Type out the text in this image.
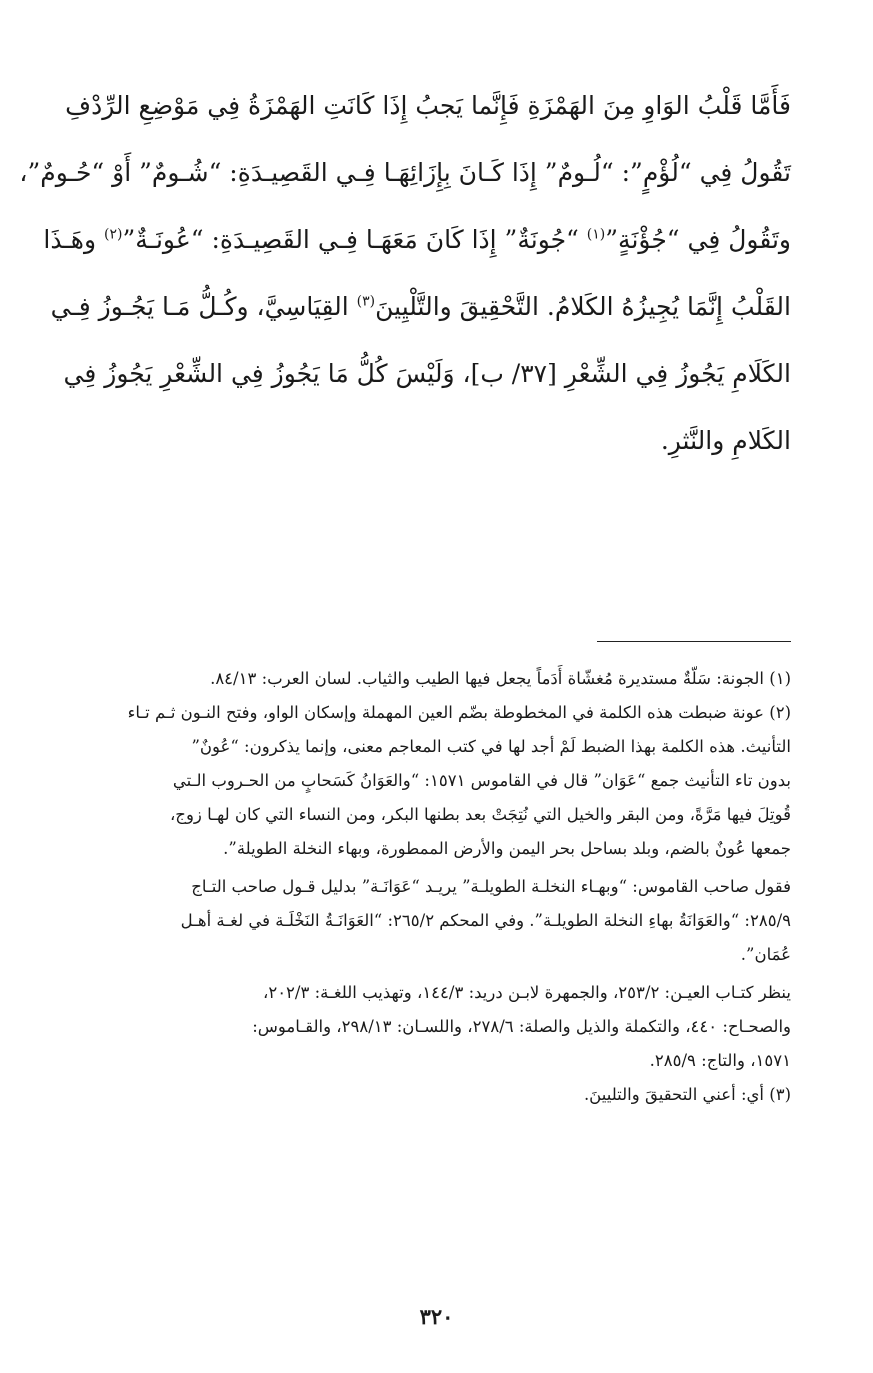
فَأَمَّا قَلْبُ الوَاوِ مِنَ الهَمْزَةِ فَإِنَّما يَجبُ إِذَا كَانَتِ الهَمْزَةُ فِي مَوْضِعِ الرِّدْفِ
تَقُولُ فِي “لُؤْمٍ”: “لُـومٌ” إِذَا كَـانَ بِإِزَائِهَـا فِـي القَصِيـدَةِ: “شُـومٌ” أَوْ “حُـومٌ”،
وتَقُولُ فِي “جُؤْنَةٍ”$^{(١)}$ “جُونَةٌ” إِذَا كَانَ مَعَهَـا فِـي القَصِيـدَةِ: “عُونَـةٌ”$^{(٢)}$ وهَـذَا
القَلْبُ إِنَّمَا يُجِيزُهُ الكَلامُ. التَّحْقِيقَ والتَّلْيِينَ$^{(٣)}$ القِيَاسِيَّ، وكُـلُّ مَـا يَجُـوزُ فِـي
الكَلَامِ يَجُوزُ فِي الشِّعْرِ [٣٧/ ب]، وَلَيْسَ كُلُّ مَا يَجُوزُ فِي الشِّعْرِ يَجُوزُ فِي
الكَلامِ والنَّثرِ.
(١) الجونة: سَلّةٌ مستديرة مُغشّاة أَدَماً يجعل فيها الطيب والثياب. لسان العرب: ٨٤/١٣.
(٢) عونة ضبطت هذه الكلمة في المخطوطة بضّم العين المهملة وإسكان الواو، وفتح النـون ثـم تـاء
التأنيث. هذه الكلمة بهذا الضبط لَمْ أجد لها في كتب المعاجم معنى، وإنما يذكرون: “عُونٌ”
بدون تاء التأنيث جمع “عَوَان” قال في القاموس ١٥٧١: “والعَوَانُ كَسَحابٍ من الحـروب الـتي
قُوتِلَ فيها مَرَّةً، ومن البقر والخيل التي نُتِجَتْ بعد بطنها البكر، ومن النساء التي كان لهـا زوج،
جمعها عُونٌ بالضم، وبلد بساحل بحر اليمن والأرض الممطورة، وبهاء النخلة الطويلة”.
فقول صاحب القاموس: “وبهـاء النخلـة الطويلـة” يريـد “عَوَانَـة” بدليل قـول صاحب التـاج
٢٨٥/٩: “والعَوَانَةُ بهاءِ النخلة الطويلـة”. وفي المحكم ٢٦٥/٢: “العَوَانَـةُ النَخْلَـة في لغـة أهـل
عُمَان”.
ينظر كتـاب العيـن: ٢٥٣/٢، والجمهرة لابـن دريد: ١٤٤/٣، وتهذيب اللغـة: ٢٠٢/٣،
والصحـاح: ٤٤٠، والتكملة والذيل والصلة: ٢٧٨/٦، واللسـان: ٢٩٨/١٣، والقـاموس:
١٥٧١، والتاج: ٢٨٥/٩.
(٣) أي: أعني التحقيقَ والتليينَ.
٣٢٠
